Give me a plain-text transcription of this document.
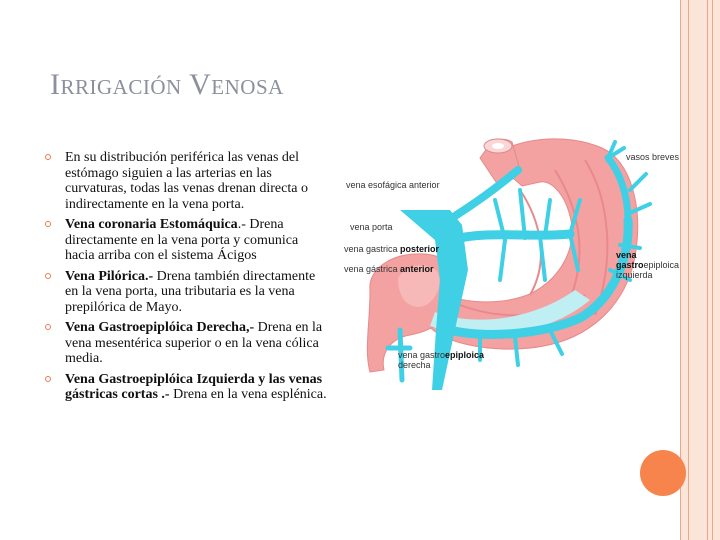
Irrigación Venosa
En su distribución periférica las venas del estómago siguien a las arterias en las curvaturas, todas las venas drenan directa o indirectamente en la vena porta.
Vena coronaria Estomáquica.- Drena directamente en la vena porta y comunica hacia arriba con el sistema Ácigos
Vena Pilórica.- Drena también directamente en la vena porta, una tributaria es la vena prepilórica de Mayo.
Vena Gastroepiplóica Derecha,- Drena en la vena mesentérica superior o en la vena cólica media.
Vena Gastroepiplóica Izquierda y las venas gástricas cortas .- Drena en la vena esplénica.
vasos breves
vena esofágica anterior
vena porta
vena gastrica posterior
vena gástrica anterior
vena
gastroepiploica
izquierda
vena gastroepiploica
derecha
